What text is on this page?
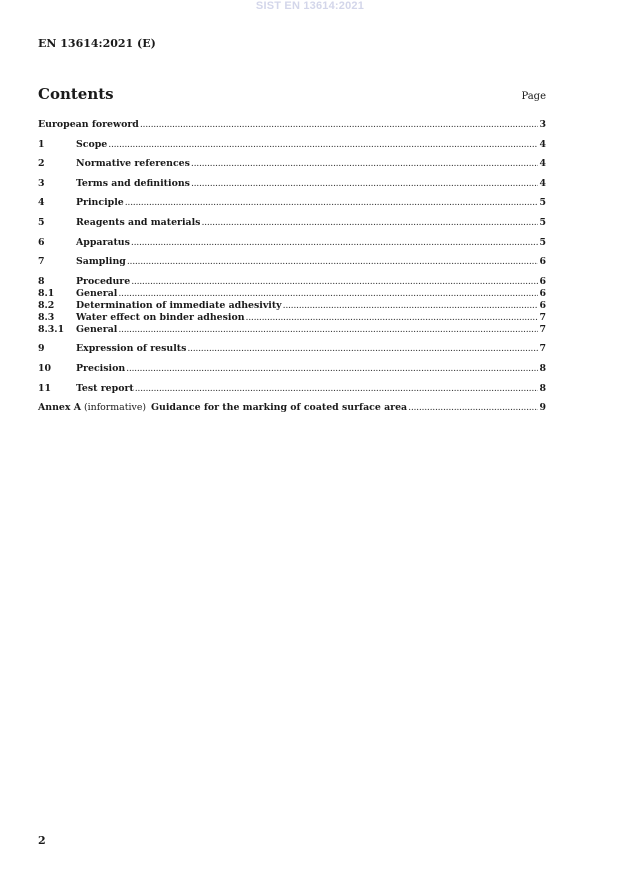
SIST EN 13614:2021
EN 13614:2021 (E)
Contents	Page
European foreword .....	3
1	Scope .....	4
2	Normative references .....	4
3	Terms and definitions .....	4
4	Principle .....	5
5	Reagents and materials .....	5
6	Apparatus .....	5
7	Sampling .....	6
8	Procedure .....	6
8.1 General .....	6
8.2 Determination of immediate adhesivity .....	6
8.3 Water effect on binder adhesion .....	7
8.3.1 General .....	7
9	Expression of results .....	7
10	Precision .....	8
11	Test report .....	8
Annex A (informative) Guidance for the marking of coated surface area .....	9
2
